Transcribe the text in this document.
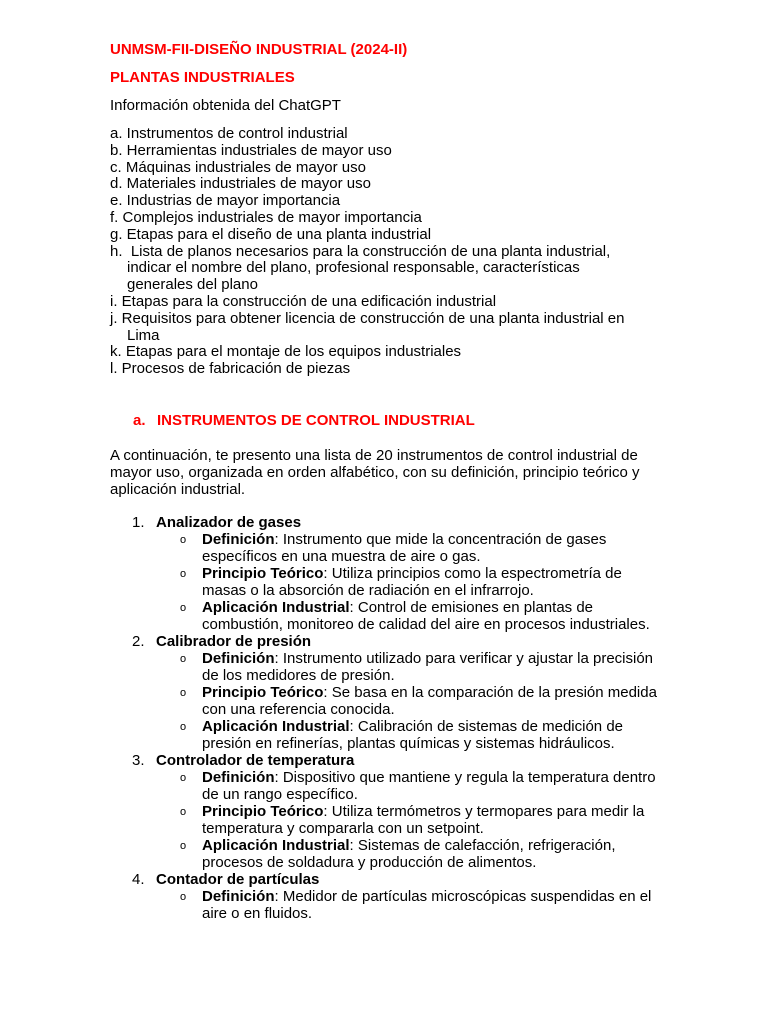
UNMSM-FII-DISEÑO INDUSTRIAL (2024-II)
PLANTAS INDUSTRIALES
Información obtenida del ChatGPT
a. Instrumentos de control industrial
b. Herramientas industriales de mayor uso
c. Máquinas industriales de mayor uso
d. Materiales industriales de mayor uso
e. Industrias de mayor importancia
f. Complejos industriales de mayor importancia
g. Etapas para el diseño de una planta industrial
h.  Lista de planos necesarios para la construcción de una planta industrial,
indicar el nombre del plano, profesional responsable, características
generales del plano
i. Etapas para la construcción de una edificación industrial
j. Requisitos para obtener licencia de construcción de una planta industrial en
Lima
k. Etapas para el montaje de los equipos industriales
l. Procesos de fabricación de piezas
a. INSTRUMENTOS DE CONTROL INDUSTRIAL
A continuación, te presento una lista de 20 instrumentos de control industrial de mayor uso, organizada en orden alfabético, con su definición, principio teórico y aplicación industrial.
1. Analizador de gases
o Definición: Instrumento que mide la concentración de gases específicos en una muestra de aire o gas.
o Principio Teórico: Utiliza principios como la espectrometría de masas o la absorción de radiación en el infrarrojo.
o Aplicación Industrial: Control de emisiones en plantas de combustión, monitoreo de calidad del aire en procesos industriales.
2. Calibrador de presión
o Definición: Instrumento utilizado para verificar y ajustar la precisión de los medidores de presión.
o Principio Teórico: Se basa en la comparación de la presión medida con una referencia conocida.
o Aplicación Industrial: Calibración de sistemas de medición de presión en refinerías, plantas químicas y sistemas hidráulicos.
3. Controlador de temperatura
o Definición: Dispositivo que mantiene y regula la temperatura dentro de un rango específico.
o Principio Teórico: Utiliza termómetros y termopares para medir la temperatura y compararla con un setpoint.
o Aplicación Industrial: Sistemas de calefacción, refrigeración, procesos de soldadura y producción de alimentos.
4. Contador de partículas
o Definición: Medidor de partículas microscópicas suspendidas en el aire o en fluidos.
